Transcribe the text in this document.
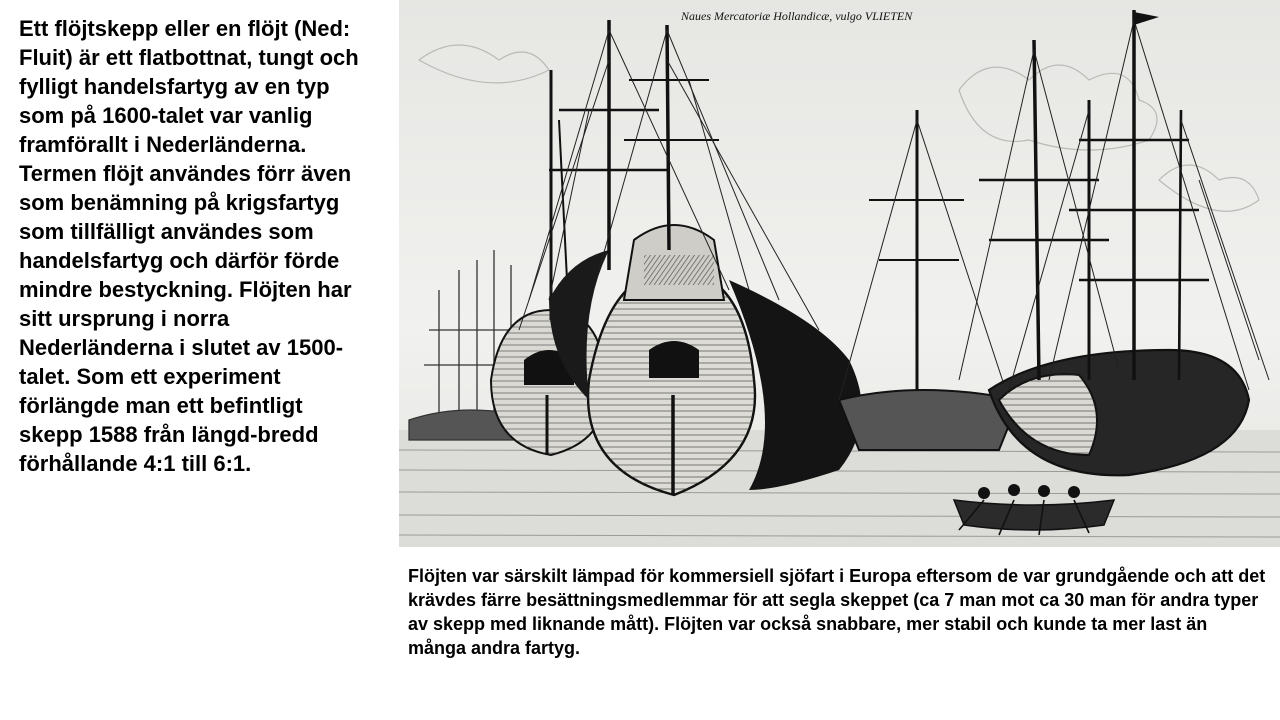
Ett flöjtskepp eller en flöjt (Ned: Fluit) är ett flatbottnat, tungt och fylligt handelsfartyg av en typ som på 1600-talet var vanlig framförallt i Nederländerna. Termen flöjt användes förr även som benämning på krigsfartyg som tillfälligt användes som handelsfartyg och därför förde mindre bestyckning. Flöjten har sitt ursprung i norra Nederländerna i slutet av 1500-talet. Som ett experiment förlängde man ett befintligt skepp 1588 från längd-bredd förhållande 4:1 till 6:1.

Naues Mercatoriæ Hollandicæ, vulgo VLIETEN

Flöjten var särskilt lämpad för kommersiell sjöfart i Europa eftersom de var grundgående och att det krävdes färre besättningsmedlemmar för att segla skeppet (ca 7 man mot ca 30 man för andra typer av skepp med liknande mått). Flöjten var också snabbare, mer stabil och kunde ta mer last än många andra fartyg.
